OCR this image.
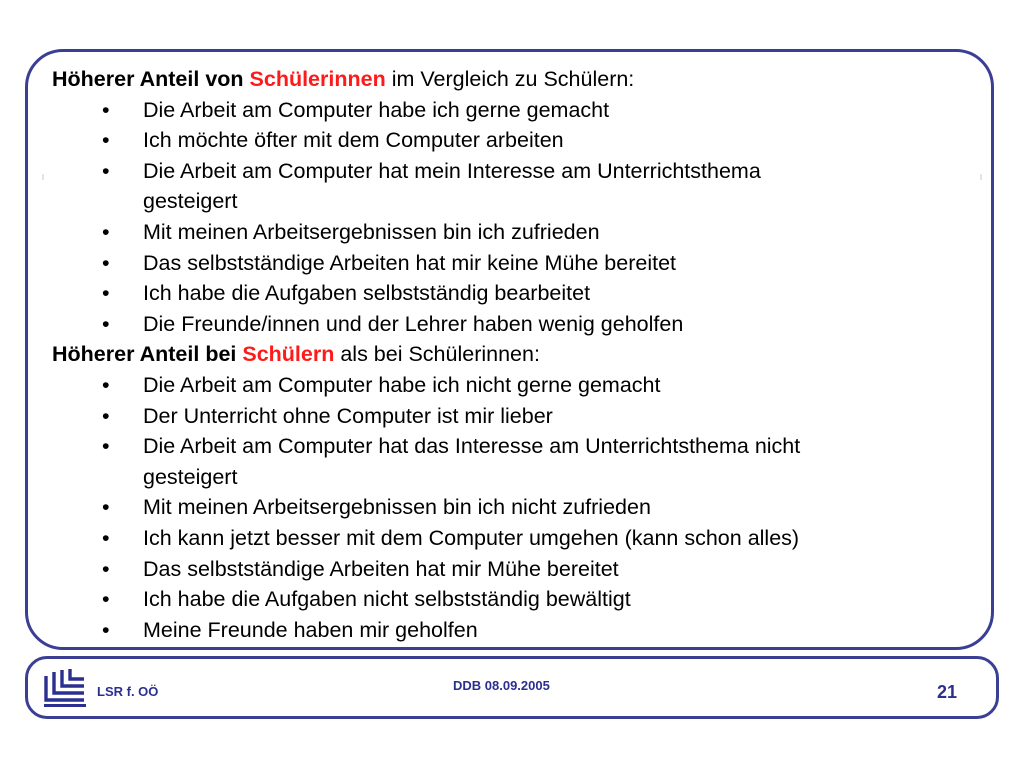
Höherer Anteil von Schülerinnen im Vergleich zu Schülern:

• Die Arbeit am Computer habe ich gerne gemacht
• Ich möchte öfter mit dem Computer arbeiten
• Die Arbeit am Computer hat mein Interesse am Unterrichtsthema
gesteigert
• Mit meinen Arbeitsergebnissen bin ich zufrieden
• Das selbstständige Arbeiten hat mir keine Mühe bereitet
• Ich habe die Aufgaben selbstständig bearbeitet
• Die Freunde/innen und der Lehrer haben wenig geholfen

Höherer Anteil bei Schülern als bei Schülerinnen:

• Die Arbeit am Computer habe ich nicht gerne gemacht
• Der Unterricht ohne Computer ist mir lieber
• Die Arbeit am Computer hat das Interesse am Unterrichtsthema nicht
gesteigert
• Mit meinen Arbeitsergebnissen bin ich nicht zufrieden
• Ich kann jetzt besser mit dem Computer umgehen (kann schon alles)
• Das selbstständige Arbeiten hat mir Mühe bereitet
• Ich habe die Aufgaben nicht selbstständig bewältigt
• Meine Freunde haben mir geholfen
LSR f. OÖ	DDB 08.09.2005	21
